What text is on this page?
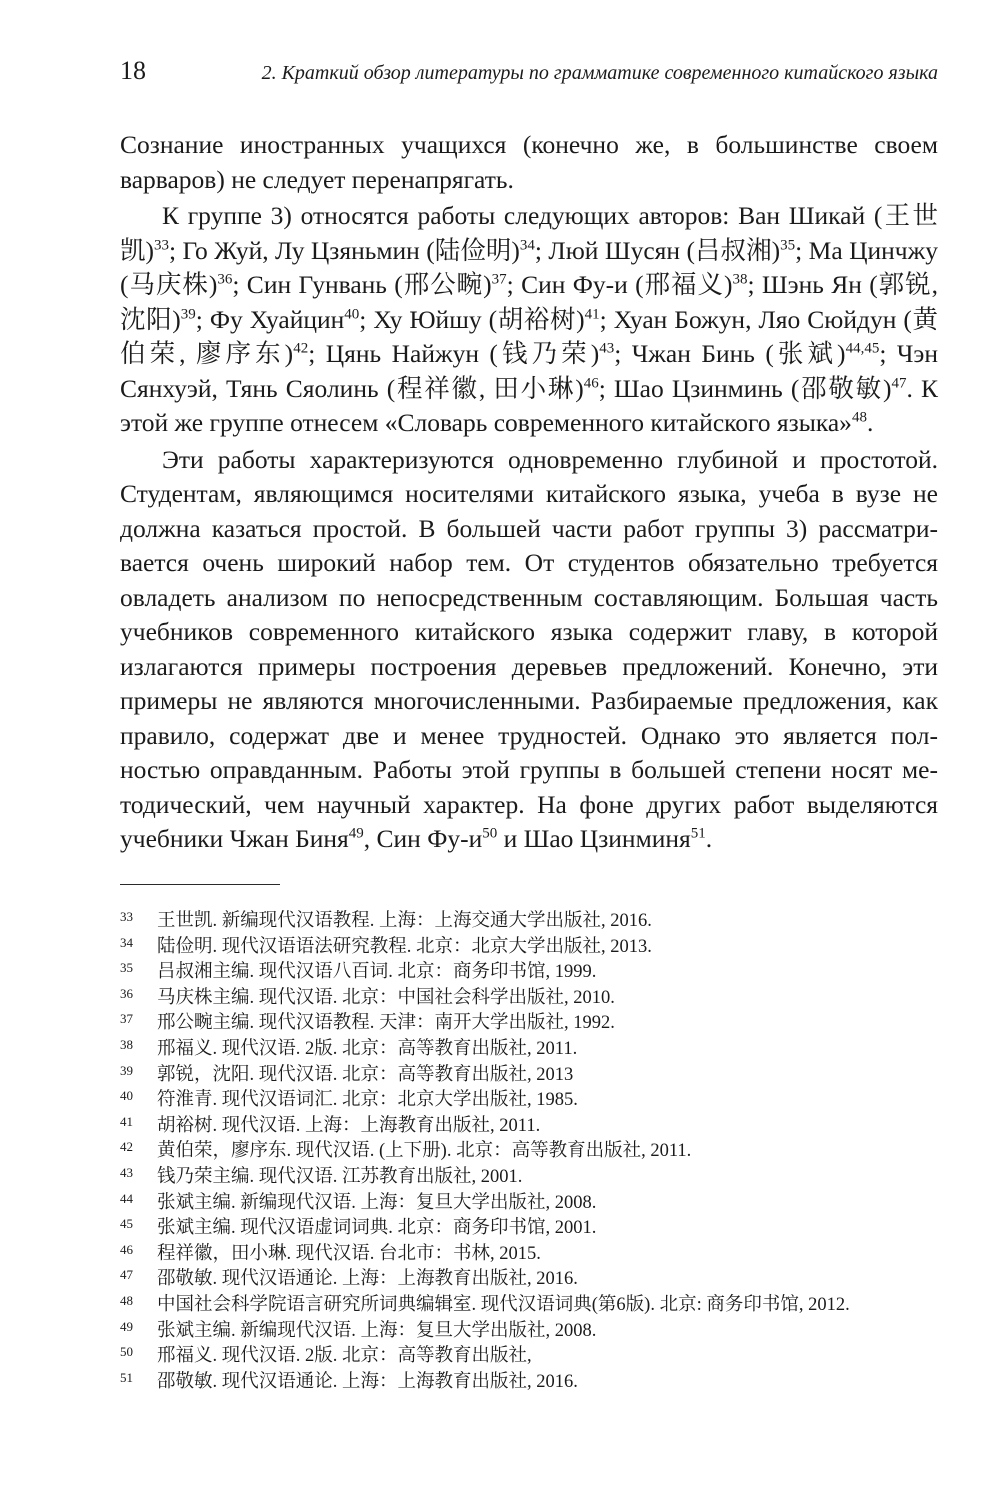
18	2. Краткий обзор литературы по грамматике современного китайского языка

Сознание иностранных учащихся (конечно же, в большинстве своем варваров) не следует перенапрягать.

К группе 3) относятся работы следующих авторов: Ван Шикай (王世凯)$^{33}$; Го Жуй, Лу Цзяньмин (陆俭明)$^{34}$; Люй Шусян (吕叔湘)$^{35}$; Ма Цинчжу (马庆株)$^{36}$; Син Гунвань (邢公畹)$^{37}$; Син Фу-и (邢福义)$^{38}$; Шэнь Ян (郭锐, 沈阳)$^{39}$; Фу Хуайцин$^{40}$; Ху Юйшу (胡裕树)$^{41}$; Хуан Божун, Ляо Сюйдун (黄伯荣, 廖序东)$^{42}$; Цянь Найжун (钱乃荣)$^{43}$; Чжан Бинь (张斌)$^{44,45}$; Чэн Сянхуэй, Тянь Сяолинь (程祥徽, 田小琳)$^{46}$; Шао Цзинминь (邵敬敏)$^{47}$. К этой же группе отнесем «Словарь современного китайского языка»$^{48}$.

Эти работы характеризуются одновременно глубиной и простотой. Студентам, являющимся носителями китайского языка, учеба в вузе не должна казаться простой. В большей части работ группы 3) рассматривается очень широкий набор тем. От студентов обязательно требуется овладеть анализом по непосредственным составляющим. Большая часть учебников современного китайского языка содержит главу, в которой излагаются примеры построения деревьев предложений. Конечно, эти примеры не являются многочисленными. Разбираемые предложения, как правило, содержат две и менее трудностей. Однако это является полностью оправданным. Работы этой группы в большей степени носят методический, чем научный характер. На фоне других работ выделяются учебники Чжан Биня$^{49}$, Син $Фу-и^{50}$ и Шао Цзинминя$^{51}$.

33	王世凯. 新编现代汉语教程. 上海：上海交通大学出版社, 2016.
34	陆俭明. 现代汉语语法研究教程. 北京：北京大学出版社, 2013.
35	吕叔湘主编. 现代汉语八百词. 北京：商务印书馆, 1999.
36	马庆株主编. 现代汉语. 北京：中国社会科学出版社, 2010.
37	邢公畹主编. 现代汉语教程. 天津：南开大学出版社, 1992.
38	邢福义. 现代汉语. 2版. 北京：高等教育出版社, 2011.
39	郭锐，沈阳. 现代汉语. 北京：高等教育出版社, 2013
40	符淮青. 现代汉语词汇. 北京：北京大学出版社, 1985.
41	胡裕树. 现代汉语. 上海：上海教育出版社, 2011.
42	黄伯荣，廖序东. 现代汉语. (上下册). 北京：高等教育出版社, 2011.
43	钱乃荣主编. 现代汉语. 江苏教育出版社, 2001.
44	张斌主编. 新编现代汉语. 上海：复旦大学出版社, 2008.
45	张斌主编. 现代汉语虚词词典. 北京：商务印书馆, 2001.
46	程祥徽，田小琳. 现代汉语. 台北市：书林, 2015.
47	邵敬敏. 现代汉语通论. 上海：上海教育出版社, 2016.
48	中国社会科学院语言研究所词典编辑室. 现代汉语词典(第6版). 北京: 商务印书馆, 2012.
49	张斌主编. 新编现代汉语. 上海：复旦大学出版社, 2008.
50	邢福义. 现代汉语. 2版. 北京：高等教育出版社,
51	邵敬敏. 现代汉语通论. 上海：上海教育出版社, 2016.
